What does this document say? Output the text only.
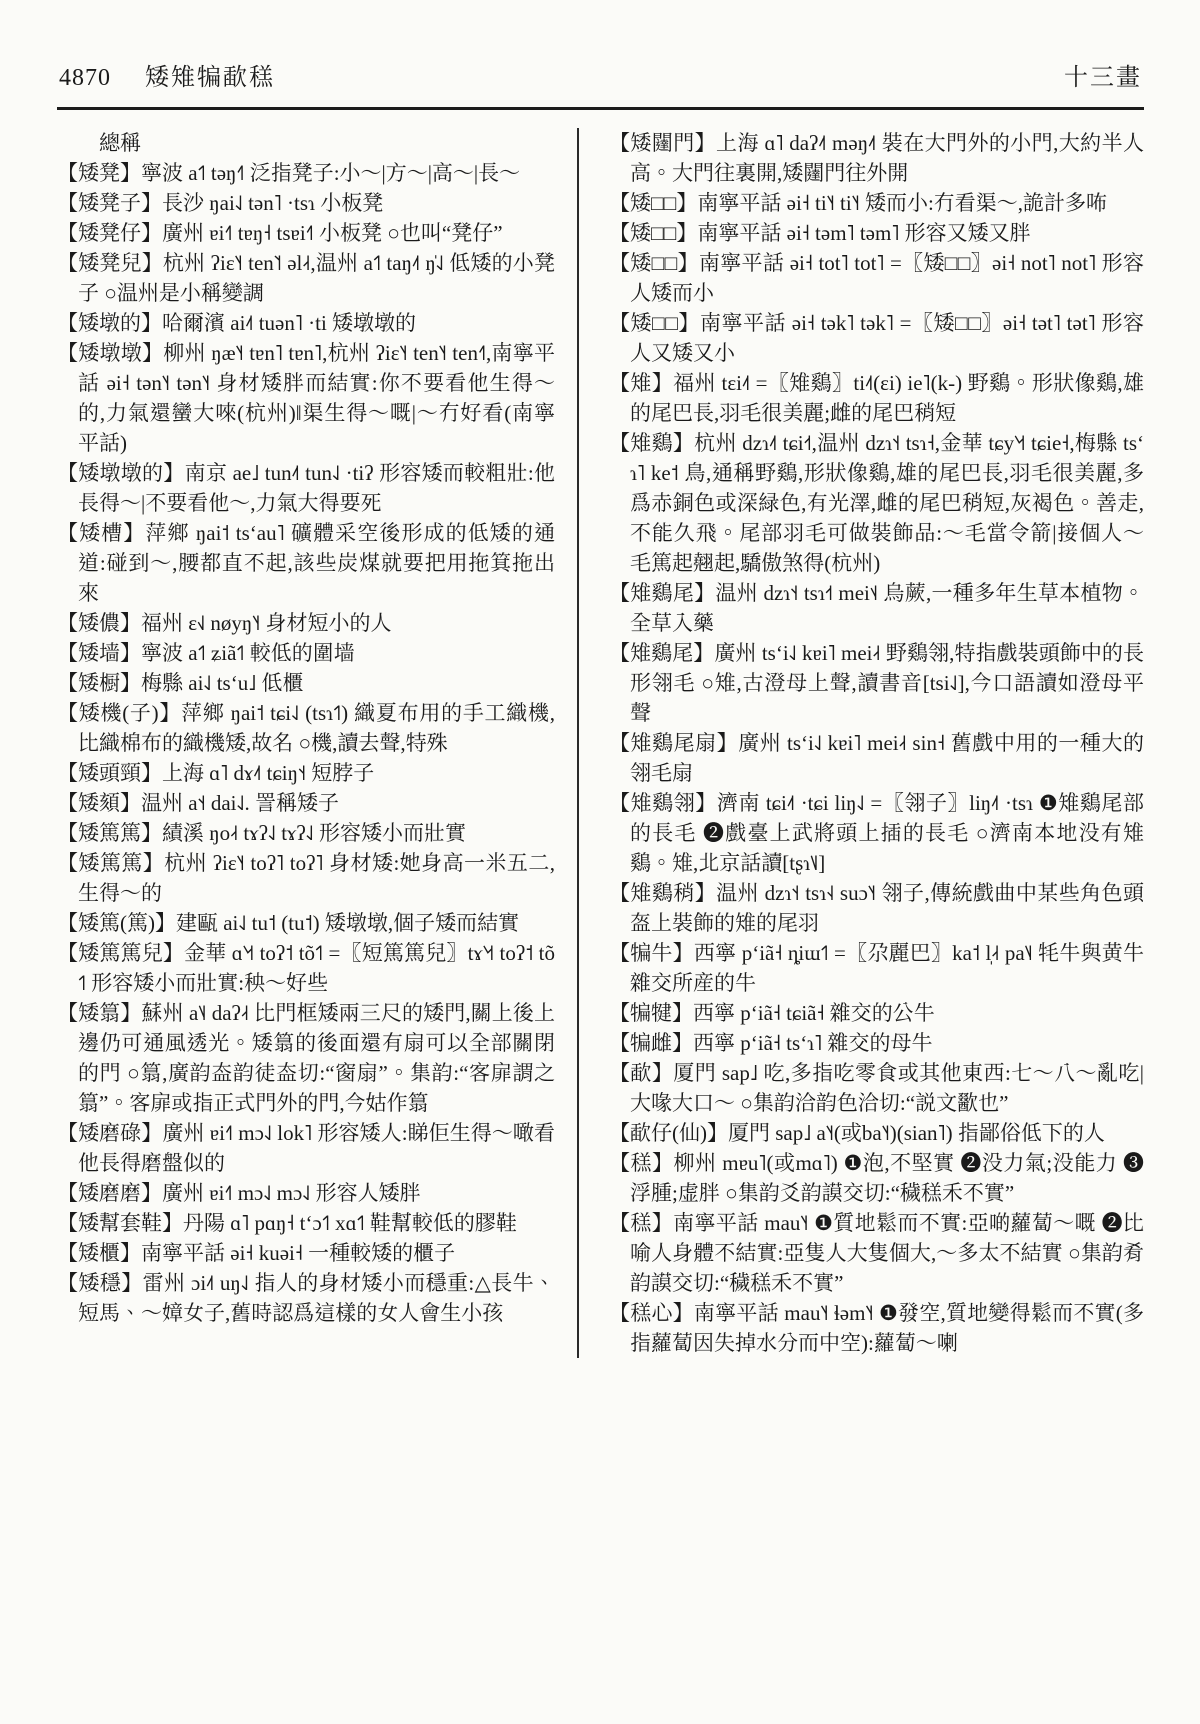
4870 矮雉犏歃䅵	十三畫

總稱

【矮凳】寧波 a˦˥ təŋ˧˥ 泛指凳子:小～|方～|高～|長～

【矮凳子】長沙 ŋai˨˩ tən˥ ·tsɿ 小板凳

【矮凳仔】廣州 ɐi˧˥ tɐŋ˧ tsɐi˧˥ 小板凳 ○也叫“凳仔”

【矮凳兒】杭州 ʔiɛ˥˧ ten˥˦ əl˨˧,温州 a˦˥ taŋ˨˦ ŋ̍˨˩ 低矮的小凳子 ○温州是小稱變調

【矮墩的】哈爾濱 ai˨˦ tuən˥ ·ti 矮墩墩的

【矮墩墩】柳州 ŋæ˥˧ tɐn˥ tɐn˥,杭州 ʔiɛ˥˧ ten˥˧ ten˧˥,南寧平話 əi˧ tən˥˧ tən˥˧ 身材矮胖而結實:你不要看他生得～的,力氣還蠻大唻(杭州)‖渠生得～嘅|～冇好看(南寧平話)

【矮墩墩的】南京 ae˩ tun˨˦ tun˨˩ ·tiʔ 形容矮而較粗壯:他長得～|不要看他～,力氣大得要死

【矮槽】萍鄉 ŋai˦ tsʻau˥ 礦體采空後形成的低矮的通道:碰到～,腰都直不起,該些炭煤就要把用拖箕拖出來

【矮儂】福州 ɛ˧˩ nøyŋ˥˧ 身材短小的人

【矮墙】寧波 a˦˥ ʑiã˦˥ 較低的圍墙

【矮橱】梅縣 ai˨˩ tsʻu˩ 低櫃

【矮機(子)】萍鄉 ŋai˦ tɕi˨˩ (tsɿ˦˥) 織夏布用的手工織機,比織棉布的織機矮,故名 ○機,讀去聲,特殊

【矮頭頸】上海 ɑ˥ dɤ˨˦ tɕiŋ˦˧ 短脖子

【矮頦】温州 a˦˧ dai˨˩. 詈稱矮子

【矮篤篤】績溪 ŋo˨˧ tɤʔ˨˩ tɤʔ˨˩ 形容矮小而壯實

【矮篤篤】杭州 ʔiɛ˥˧ toʔ˥ toʔ˥ 身材矮:她身高一米五二,生得～的

【矮篤(篤)】建甌 ai˨˩ tu˦ (tu˦) 矮墩墩,個子矮而結實

【矮篤篤兒】金華 ɑ˥˧˦ toʔ˦ tõ˦˥ =〖短篤篤兒〗tɤ˥˧˦ toʔ˦ tõ˦˥ 形容矮小而壯實:秧～好些

【矮䈳】蘇州 a˥˨ daʔ˨˧ 比門框矮兩三尺的矮門,關上後上邊仍可通風透光。矮䈳的後面還有扇可以全部關閉的門 ○䈳,廣韵盇韵徒盇切:“窗扇”。集韵:“客扉謂之䈳”。客扉或指正式門外的門,今姑作䈳

【矮磨碌】廣州 ɐi˧˥ mɔ˨˩ lok˥ 形容矮人:睇佢生得～噉看他長得磨盤似的

【矮磨磨】廣州 ɐi˧˥ mɔ˨˩ mɔ˨˩ 形容人矮胖

【矮幫套鞋】丹陽 ɑ˥ pɑŋ˧ tʻɔ˦˥ xɑ˦˥ 鞋幫較低的膠鞋

【矮櫃】南寧平話 əi˧ kuəi˧ 一種較矮的櫃子

【矮穩】雷州 ɔi˨˦ uŋ˨˩ 指人的身材矮小而穩重:△長牛、短馬、～嫜女子,舊時認爲這樣的女人會生小孩

【矮闥門】上海 ɑ˥ daʔ˨˦ məŋ˨˦ 裝在大門外的小門,大約半人高。大門往裏開,矮闥門往外開

【矮□□】南寧平話 əi˧ ti˥˧ ti˥˧ 矮而小:冇看渠～,詭計多咘

【矮□□】南寧平話 əi˧ təm˥ təm˥ 形容又矮又胖

【矮□□】南寧平話 əi˧ tot˥ tot˥ =〖矮□□〗əi˧ not˥ not˥ 形容人矮而小

【矮□□】南寧平話 əi˧ tək˥ tək˥ =〖矮□□〗əi˧ tət˥ tət˥ 形容人又矮又小

【雉】福州 tɛi˨˦ =〖雉鷄〗ti˨˦(ɛi) ie˥(k-) 野鷄。形狀像鷄,雄的尾巴長,羽毛很美麗;雌的尾巴稍短

【雉鷄】杭州 dzɿ˨˦ tɕi˧˦,温州 dzɿ˦˧ tsɿ˧,金華 tɕy˥˧˦ tɕie˧,梅縣 tsʻɿ˥ ke˦ 鳥,通稱野鷄,形狀像鷄,雄的尾巴長,羽毛很美麗,多爲赤銅色或深緑色,有光澤,雌的尾巴稍短,灰褐色。善走,不能久飛。尾部羽毛可做裝飾品:～毛當令箭|接個人～毛篤起翹起,驕傲煞得(杭州)

【雉鷄尾】温州 dzɿ˦˧ tsɿ˧˦ mei˦˨ 烏蕨,一種多年生草本植物。全草入藥

【雉鷄尾】廣州 tsʻi˨˩ kɐi˥ mei˨˧ 野鷄翎,特指戲裝頭飾中的長形翎毛 ○雉,古澄母上聲,讀書音[tsi˨˩],今口語讀如澄母平聲

【雉鷄尾扇】廣州 tsʻi˨˩ kɐi˥ mei˨˧ sin˧ 舊戲中用的一種大的翎毛扇

【雉鷄翎】濟南 tɕi˨˦ ·tɕi liŋ˨˩ =〖翎子〗liŋ˨˦ ·tsɿ ❶雉鷄尾部的長毛 ❷戲臺上武將頭上插的長毛 ○濟南本地没有雉鷄。雉,北京話讀[tʂɿ˥˩]

【雉鷄稍】温州 dzɿ˦˧ tsɿ˧˨ suɔ˥˧ 翎子,傳統戲曲中某些角色頭盔上裝飾的雉的尾羽

【犏牛】西寧 pʻiã˧ ȵiɯ˦˥ =〖尕麗巴〗ka˦ l̩˨˧ pa˥˨ 牦牛與黄牛雜交所産的牛

【犏犍】西寧 pʻiã˧ tɕiã˧ 雜交的公牛

【犏雌】西寧 pʻiã˧ tsʻɿ˥ 雜交的母牛

【歃】厦門 sap˩ 吃,多指吃零食或其他東西:七～八～亂吃|大喙大口～ ○集韵洽韵色洽切:“説文歠也”

【歃仔(仙)】厦門 sap˩ a˥˧(或ba˥˧)(sian˥) 指鄙俗低下的人

【䅵】柳州 mɐu˥(或mɑ˥) ❶泡,不堅實 ❷没力氣;没能力 ❸浮腫;虚胖 ○集韵爻韵謨交切:“穢䅵禾不實”

【䅵】南寧平話 mau˥˧ ❶質地鬆而不實:亞啲蘿蔔～嘅 ❷比喻人身體不結實:亞隻人大隻個大,～多太不結實 ○集韵肴韵謨交切:“穢䅵禾不實”

【䅵心】南寧平話 mau˥˧ ɬəm˥˧ ❶發空,質地變得鬆而不實(多指蘿蔔因失掉水分而中空):蘿蔔～喇
